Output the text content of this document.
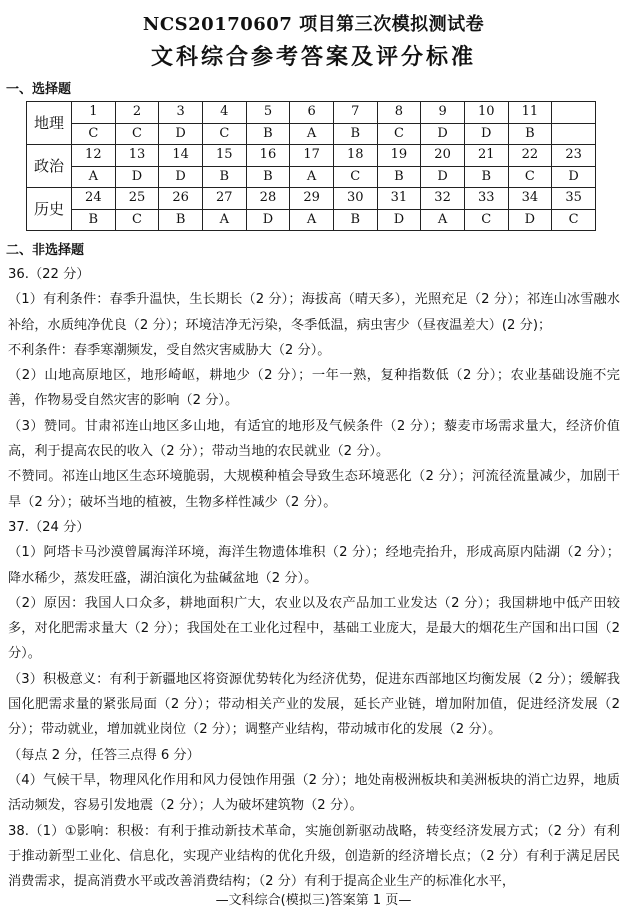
NCS20170607 项目第三次模拟测试卷
文科综合参考答案及评分标准
一、选择题
地理	1	2	3	4	5	6	7	8	9	10	11	
	C	C	D	C	B	A	B	C	D	D	B	
政治	12	13	14	15	16	17	18	19	20	21	22	23
	A	D	D	B	B	A	C	B	D	B	C	D
历史	24	25	26	27	28	29	30	31	32	33	34	35
	B	C	B	A	D	A	B	D	A	C	D	C
二、非选择题

36.（22 分）

（1）有利条件：春季升温快，生长期长（2 分）；海拔高（晴天多），光照充足（2 分）；祁连山冰雪融水补给，水质纯净优良（2 分）；环境洁净无污染，冬季低温，病虫害少（昼夜温差大）(2 分)；

不利条件：春季寒潮频发，受自然灾害威胁大（2 分）。

（2）山地高原地区，地形崎岖，耕地少（2 分）；一年一熟，复种指数低（2 分）；农业基础设施不完善，作物易受自然灾害的影响（2 分）。

（3）赞同。甘肃祁连山地区多山地，有适宜的地形及气候条件（2 分）；藜麦市场需求量大，经济价值高，利于提高农民的收入（2 分）；带动当地的农民就业（2 分）。

不赞同。祁连山地区生态环境脆弱，大规模种植会导致生态环境恶化（2 分）；河流径流量减少，加剧干旱（2 分）；破坏当地的植被，生物多样性减少（2 分）。

37.（24 分）

（1）阿塔卡马沙漠曾属海洋环境，海洋生物遗体堆积（2 分）；经地壳抬升，形成高原内陆湖（2 分）；降水稀少，蒸发旺盛，湖泊演化为盐碱盆地（2 分）。

（2）原因：我国人口众多，耕地面积广大，农业以及农产品加工业发达（2 分）；我国耕地中低产田较多，对化肥需求量大（2 分）；我国处在工业化过程中，基础工业庞大，是最大的烟花生产国和出口国（2 分）。

（3）积极意义：有利于新疆地区将资源优势转化为经济优势，促进东西部地区均衡发展（2 分）；缓解我国化肥需求量的紧张局面（2 分）；带动相关产业的发展，延长产业链，增加附加值，促进经济发展（2 分）；带动就业，增加就业岗位（2 分）；调整产业结构，带动城市化的发展（2 分）。

（每点 2 分，任答三点得 6 分）

（4）气候干旱，物理风化作用和风力侵蚀作用强（2 分）；地处南极洲板块和美洲板块的消亡边界，地质活动频发，容易引发地震（2 分）；人为破坏建筑物（2 分）。

38.（1）①影响：积极：有利于推动新技术革命，实施创新驱动战略，转变经济发展方式；（2 分）有利于推动新型工业化、信息化，实现产业结构的优化升级，创造新的经济增长点；（2 分）有利于满足居民消费需求，提高消费水平或改善消费结构；（2 分）有利于提高企业生产的标准化水平，

—文科综合(模拟三)答案第 1 页—
